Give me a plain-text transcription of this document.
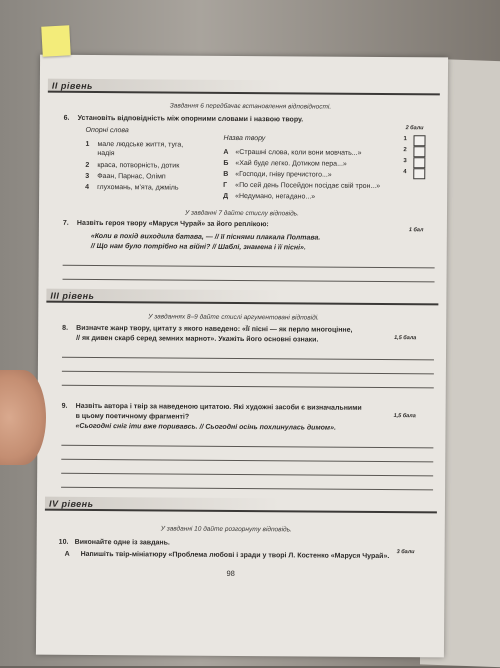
II рівень
Завдання 6 передбачає встановлення відповідності.
6. Установіть відповідність між опорними словами і назвою твору.
2 бали
Опорні слова
Назва твору
1 мале людське життя, туга,
надія
2 краса, потворність, дотик
3 Фаан, Парнас, Олімп
4 глухомань, м’ята, джміль
А «Страшні слова, коли вони мовчать...»
Б «Хай буде легко. Дотиком пера...»
В «Господи, гніву пречистого...»
Г «По сей день Посейдон посідає свій трон...»
Д «Недумано, негадано...»
1
2
3
4
У завданні 7 дайте стислу відповідь.
7. Назвіть героя твору «Маруся Чурай» за його реплікою:
1 бал
«Коли в похід виходила батава, — // її піснями плакала Полтава.
// Що нам було потрібно на війні? // Шаблі, знамена і її пісні».
III рівень
У завданнях 8–9 дайте стислі аргументовані відповіді.
8. Визначте жанр твору, цитату з якого наведено: «Її пісні — як перло многоцінне,
// як дивен скарб серед земних марнот». Укажіть його основні ознаки.	1,5 бала
9. Назвіть автора і твір за наведеною цитатою. Які художні засоби є визначальними
в цьому поетичному фрагменті?
«Сьогодні сніг іти вже поривавсь. // Сьогодні осінь похлинулась димом».
1,5 бала
IV рівень
У завданні 10 дайте розгорнуту відповідь.
10. Виконайте одне із завдань.
3 бали
А Напишіть твір-мініатюру «Проблема любові і зради у творі Л. Костенко «Маруся Чурай».
98
